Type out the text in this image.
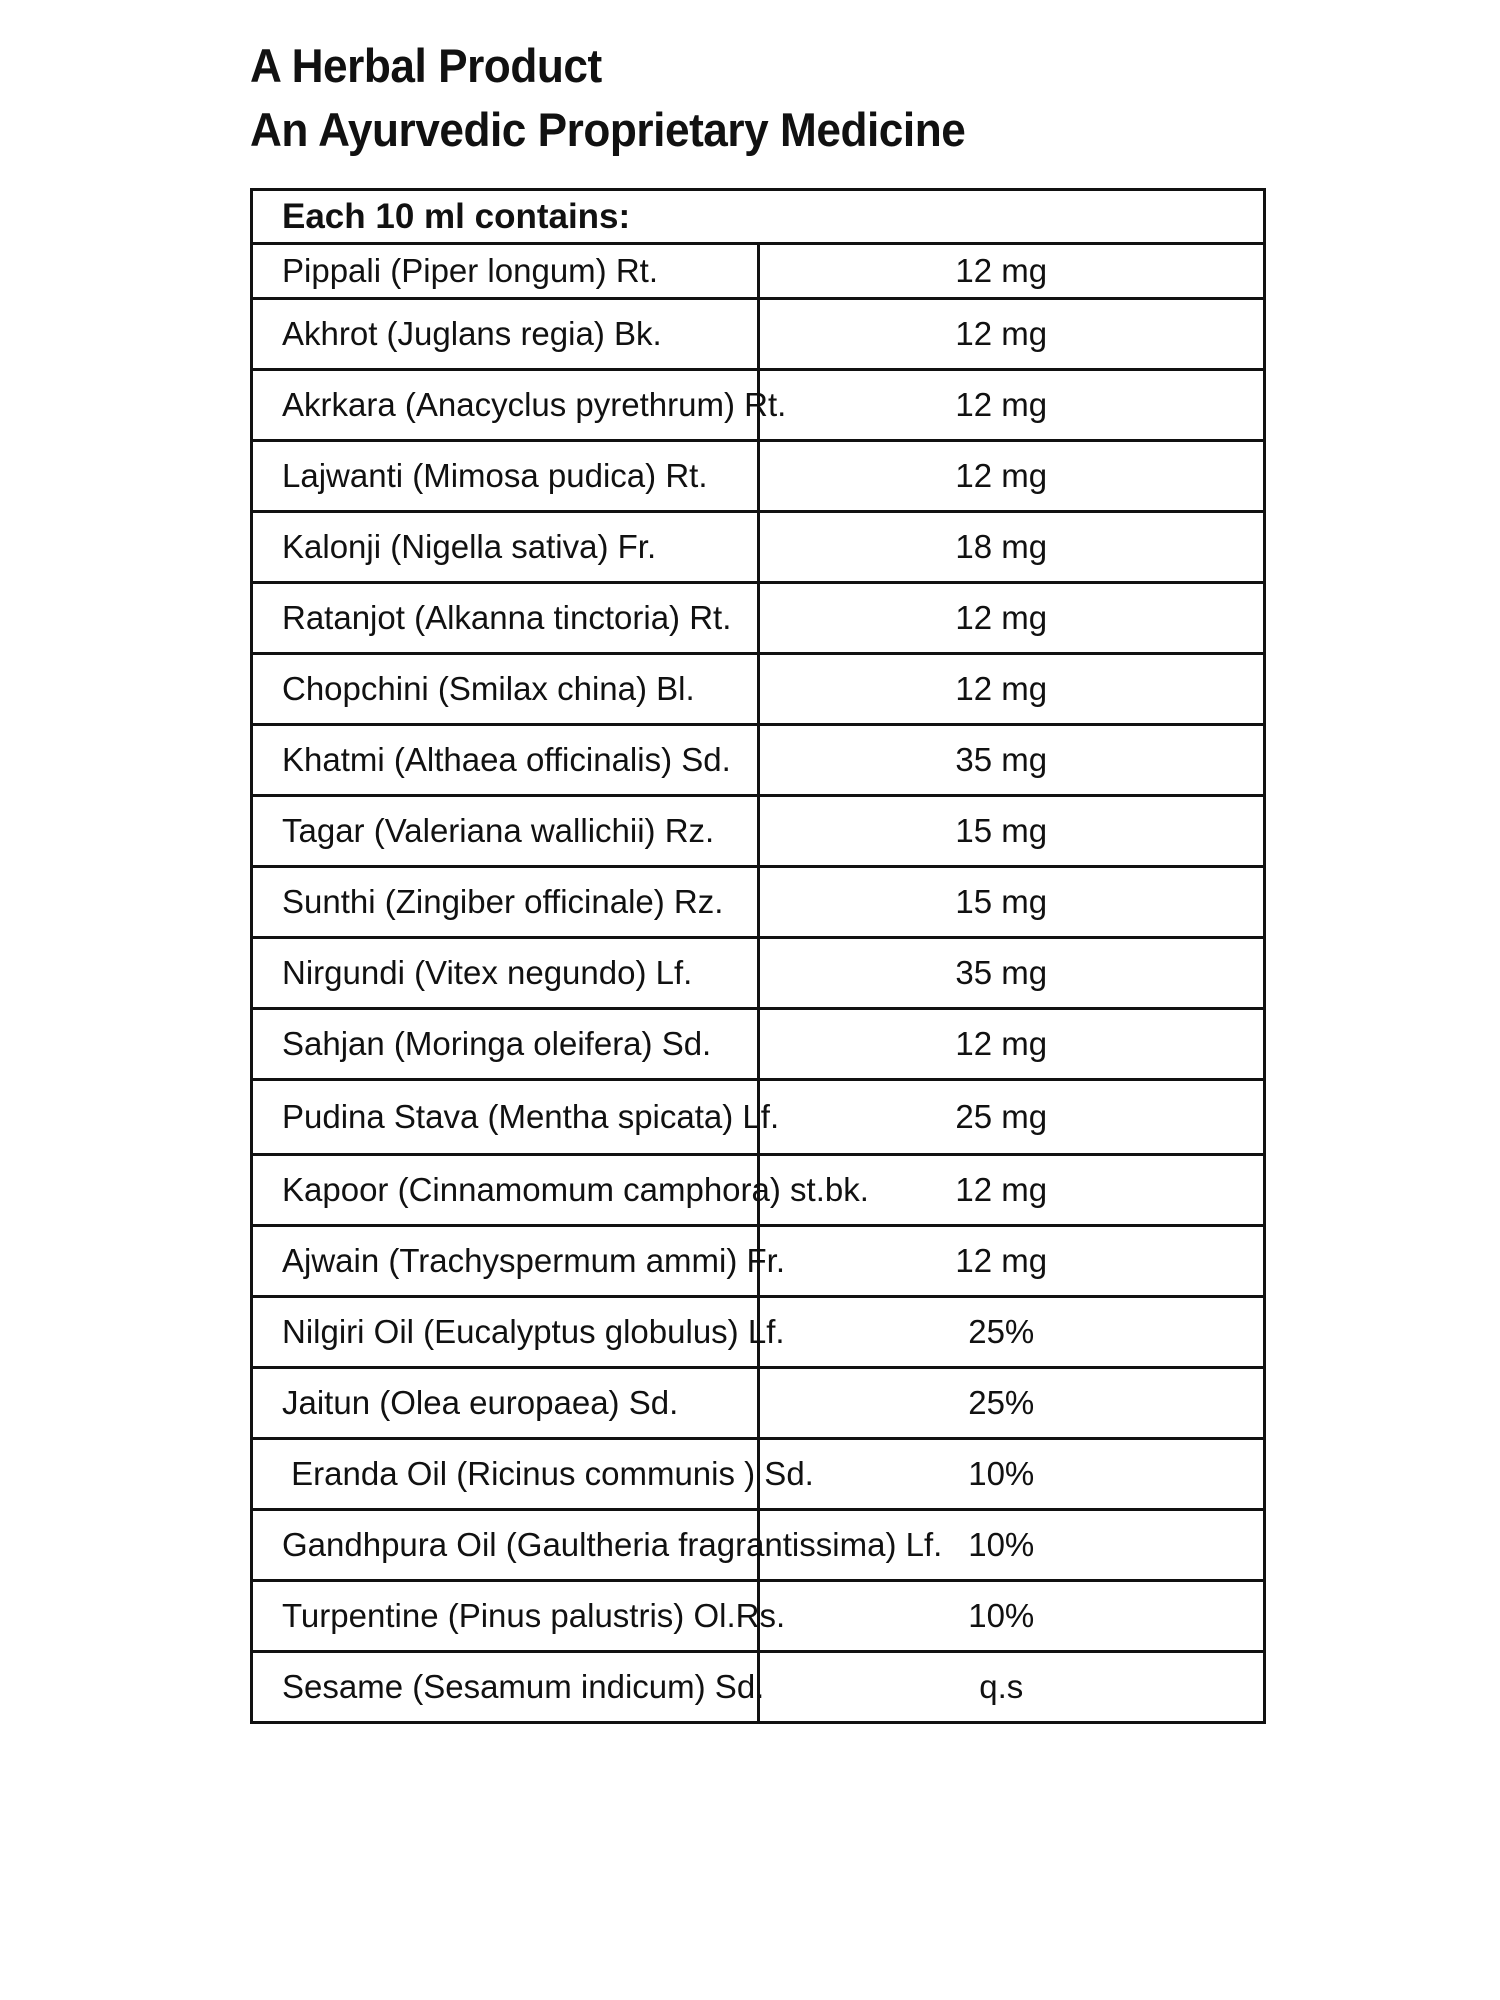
A Herbal Product
An Ayurvedic Proprietary Medicine
Each 10 ml contains:	
Pippali (Piper longum) Rt.	12 mg
Akhrot (Juglans regia) Bk.	12 mg
Akrkara (Anacyclus pyrethrum) Rt.	12 mg
Lajwanti (Mimosa pudica) Rt.	12 mg
Kalonji (Nigella sativa) Fr.	18 mg
Ratanjot (Alkanna tinctoria) Rt.	12 mg
Chopchini (Smilax china) Bl.	12 mg
Khatmi (Althaea officinalis) Sd.	35 mg
Tagar (Valeriana wallichii) Rz.	15 mg
Sunthi (Zingiber officinale) Rz.	15 mg
Nirgundi (Vitex negundo) Lf.	35 mg
Sahjan (Moringa oleifera) Sd.	12 mg
Pudina Stava (Mentha spicata) Lf.	25 mg
Kapoor (Cinnamomum camphora) st.bk.	12 mg
Ajwain (Trachyspermum ammi) Fr.	12 mg
Nilgiri Oil (Eucalyptus globulus) Lf.	25%
Jaitun (Olea europaea) Sd.	25%
Eranda Oil (Ricinus communis ) Sd.	10%
Gandhpura Oil (Gaultheria fragrantissima) Lf.	10%
Turpentine (Pinus palustris) Ol.Rs.	10%
Sesame (Sesamum indicum) Sd.	q.s
